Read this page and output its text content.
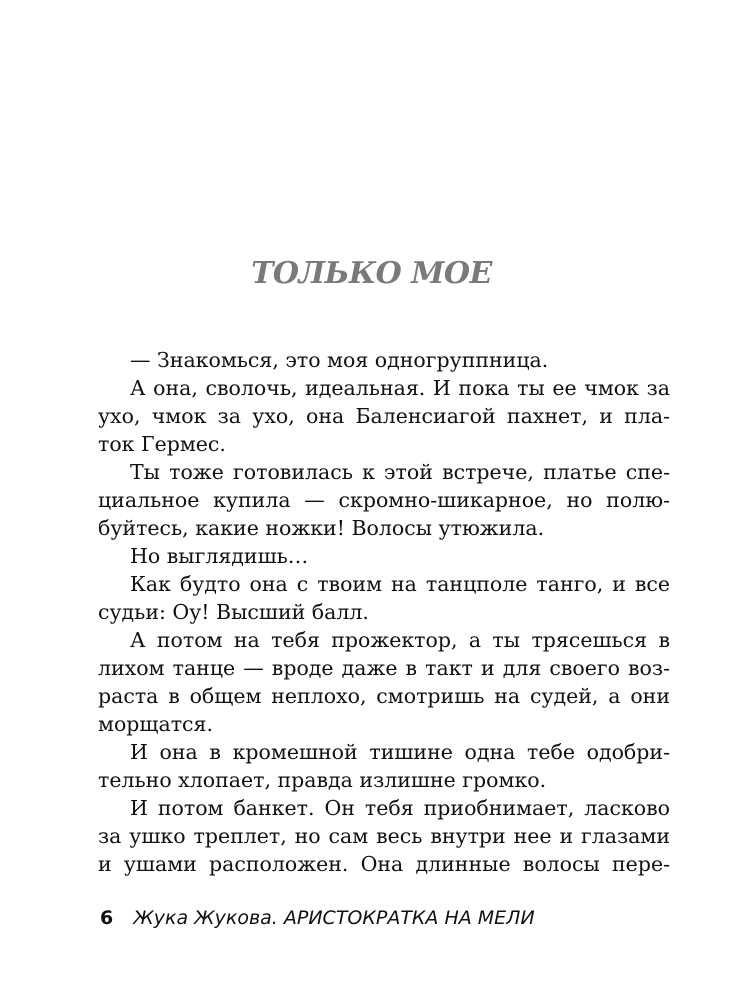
ТОЛЬКО МОЕ
— Знакомься, это моя одногруппница.
А она, сволочь, идеальная. И пока ты ее чмок за
ухо, чмок за ухо, она Баленсиагой пахнет, и пла-
ток Гермес.
Ты тоже готовилась к этой встрече, платье спе-
циальное купила — скромно-шикарное, но полю-
буйтесь, какие ножки! Волосы утюжила.
Но выглядишь…
Как будто она с твоим на танцполе танго, и все
судьи: Оу! Высший балл.
А потом на тебя прожектор, а ты трясешься в
лихом танце — вроде даже в такт и для своего воз-
раста в общем неплохо, смотришь на судей, а они
морщатся.
И она в кромешной тишине одна тебе одобри-
тельно хлопает, правда излишне громко.
И потом банкет. Он тебя приобнимает, ласково
за ушко треплет, но сам весь внутри нее и глазами
и ушами расположен. Она длинные волосы пере-
6 Жука Жукова. АРИСТОКРАТКА НА МЕЛИ
